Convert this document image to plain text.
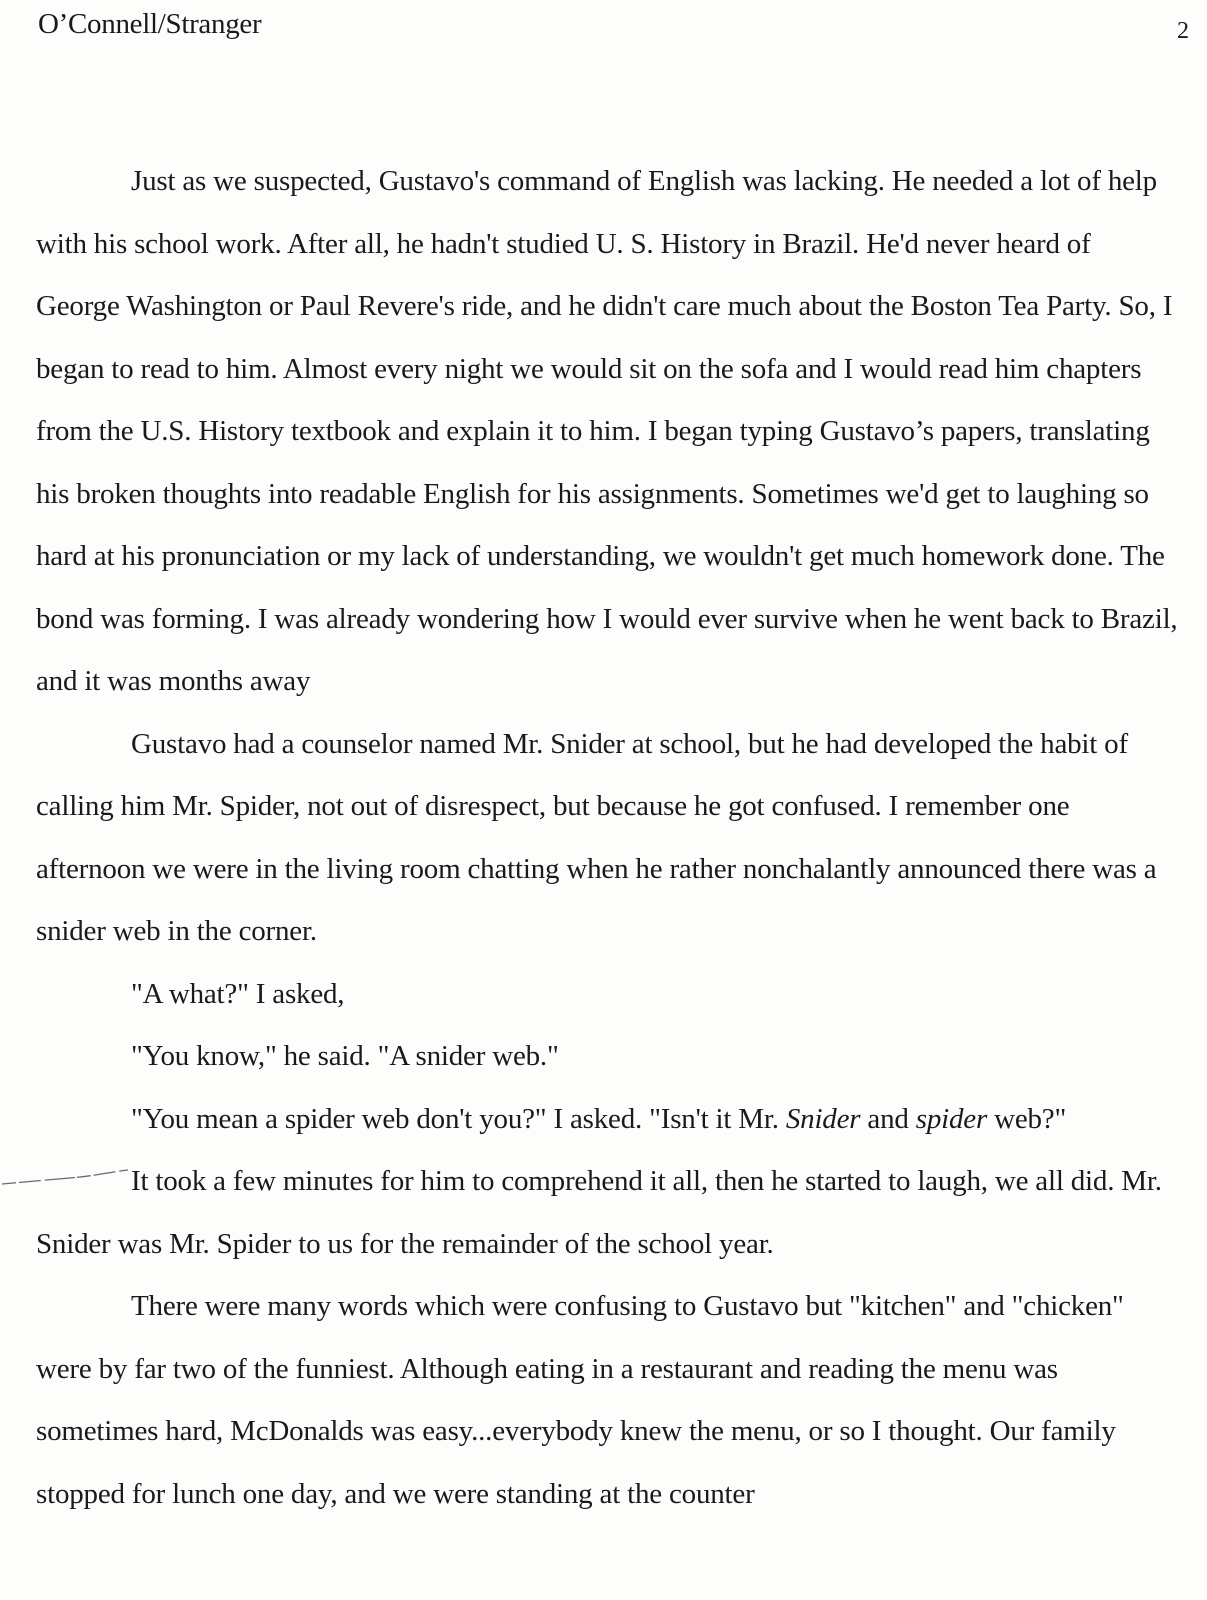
O’Connell/Stranger	2

Just as we suspected, Gustavo's command of English was lacking. He needed a lot of help with his school work. After all, he hadn't studied U. S. History in Brazil. He'd never heard of George Washington or Paul Revere's ride, and he didn't care much about the Boston Tea Party. So, I began to read to him. Almost every night we would sit on the sofa and I would read him chapters from the U.S. History textbook and explain it to him. I began typing Gustavo’s papers, translating his broken thoughts into readable English for his assignments. Sometimes we'd get to laughing so hard at his pronunciation or my lack of understanding, we wouldn't get much homework done. The bond was forming. I was already wondering how I would ever survive when he went back to Brazil, and it was months away

Gustavo had a counselor named Mr. Snider at school, but he had developed the habit of calling him Mr. Spider, not out of disrespect, but because he got confused. I remember one afternoon we were in the living room chatting when he rather nonchalantly announced there was a snider web in the corner.

"A what?" I asked,

"You know," he said. "A snider web."

"You mean a spider web don't you?" I asked. "Isn't it Mr. Snider and spider web?"

It took a few minutes for him to comprehend it all, then he started to laugh, we all did. Mr. Snider was Mr. Spider to us for the remainder of the school year.

There were many words which were confusing to Gustavo but "kitchen" and "chicken" were by far two of the funniest. Although eating in a restaurant and reading the menu was sometimes hard, McDonalds was easy...everybody knew the menu, or so I thought. Our family stopped for lunch one day, and we were standing at the counter
